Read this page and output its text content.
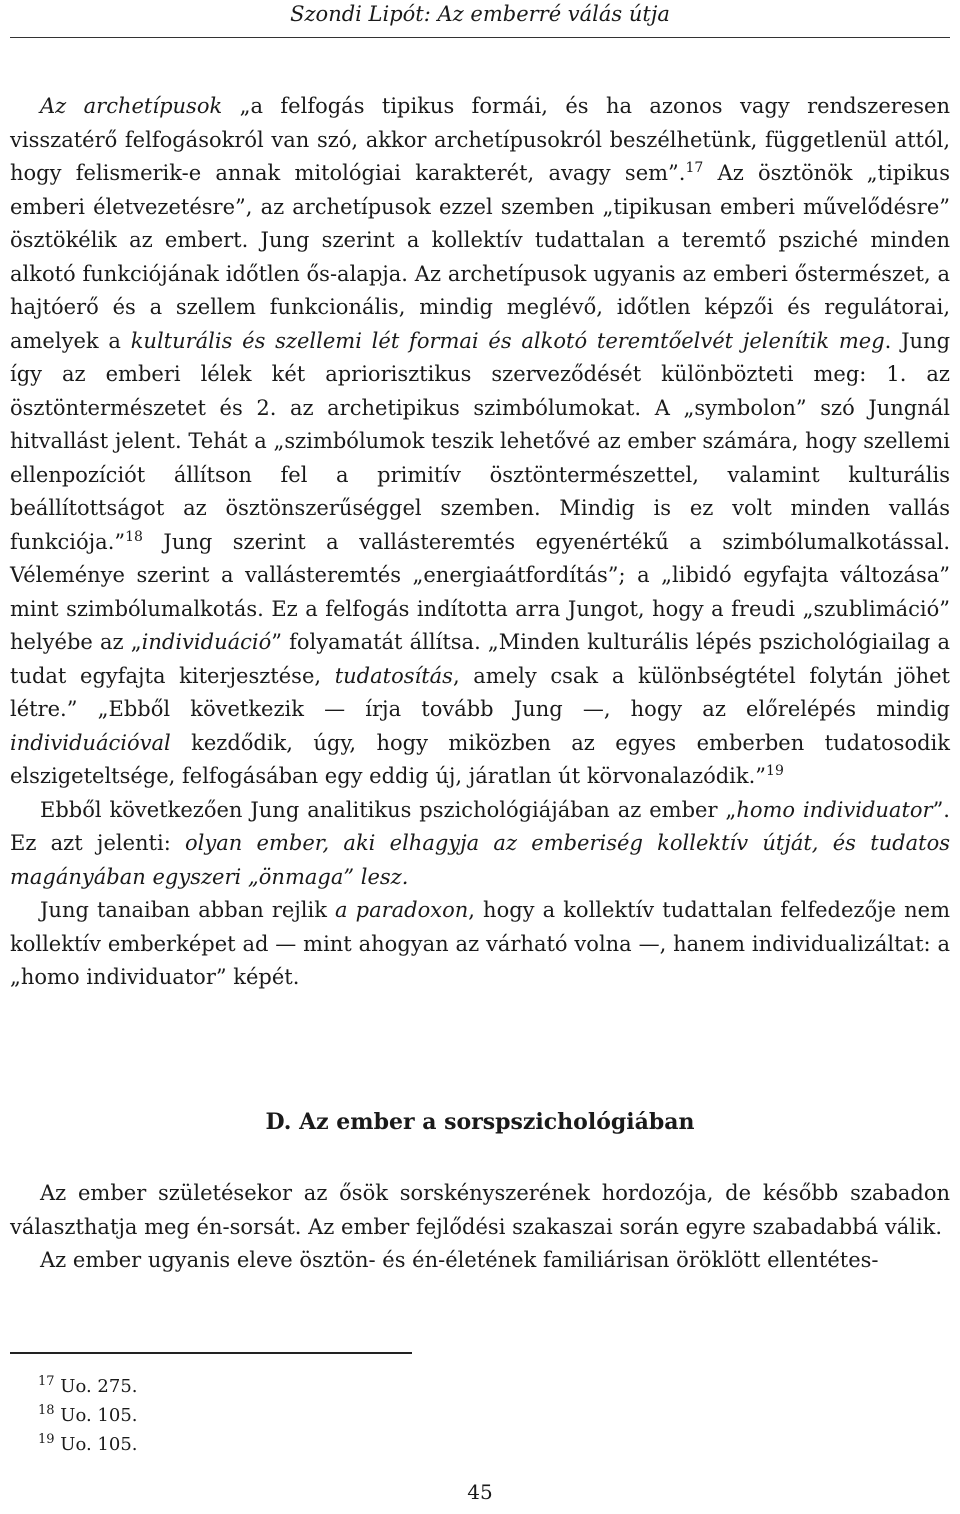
Szondi Lipót: Az emberré válás útja

Az archetípusok „a felfogás tipikus formái, és ha azonos vagy rendszeresen visszatérő felfogásokról van szó, akkor archetípusokról beszélhetünk, függetlenül attól, hogy felismerik-e annak mitológiai karakterét, avagy sem”.$^{17}$ Az ösztönök „tipikus emberi életvezetésre”, az archetípusok ezzel szemben „tipikusan emberi művelődésre” ösztökélik az embert. Jung szerint a kollektív tudattalan a teremtő psziché minden alkotó funkciójának időtlen ős-alapja. Az archetípusok ugyanis az emberi őstermészet, a hajtóerő és a szellem funkcionális, mindig meglévő, időtlen képzői és regulátorai, amelyek a kulturális és szellemi lét formai és alkotó teremtőelvét jelenítik meg. Jung így az emberi lélek két apriorisztikus szerveződését különbözteti meg: 1. az ösztöntermészetet és 2. az archetipikus szimbólumokat. A „symbolon” szó Jungnál hitvallást jelent. Tehát a „szimbólumok teszik lehetővé az ember számára, hogy szellemi ellenpozíciót állítson fel a primitív ösztöntermészettel, valamint kulturális beállítottságot az ösztönszerűséggel szemben. Mindig is ez volt minden vallás funkciója.”$^{18}$ Jung szerint a vallásteremtés egyenértékű a szimbólumalkotással. Véleménye szerint a vallásteremtés „energiaátfordítás”; a „libidó egyfajta változása” mint szimbólumalkotás. Ez a felfogás indította arra Jungot, hogy a freudi „szublimáció” helyébe az „individuáció” folyamatát állítsa. „Minden kulturális lépés pszichológiailag a tudat egyfajta kiterjesztése, tudatosítás, amely csak a különbségtétel folytán jöhet létre.” „Ebből következik — írja tovább Jung —, hogy az előrelépés mindig individuációval kezdődik, úgy, hogy miközben az egyes emberben tudatosodik elszigeteltsége, felfogásában egy eddig új, járatlan út körvonalazódik.”$^{19}$

Ebből következően Jung analitikus pszichológiájában az ember „homo individuator”. Ez azt jelenti: olyan ember, aki elhagyja az emberiség kollektív útját, és tudatos magányában egyszeri „önmaga” lesz.

Jung tanaiban abban rejlik a paradoxon, hogy a kollektív tudattalan felfedezője nem kollektív emberképet ad — mint ahogyan az várható volna —, hanem individualizáltat: a „homo individuator” képét.

D. Az ember a sorspszichológiában

Az ember születésekor az ősök sorskényszerének hordozója, de később szabadon választhatja meg én-sorsát. Az ember fejlődési szakaszai során egyre szabadabbá válik.

Az ember ugyanis eleve ösztön- és én-életének familiárisan öröklött ellentétes-

$^{17}$ Uo. 275.
$^{18}$ Uo. 105.
$^{19}$ Uo. 105.
45
